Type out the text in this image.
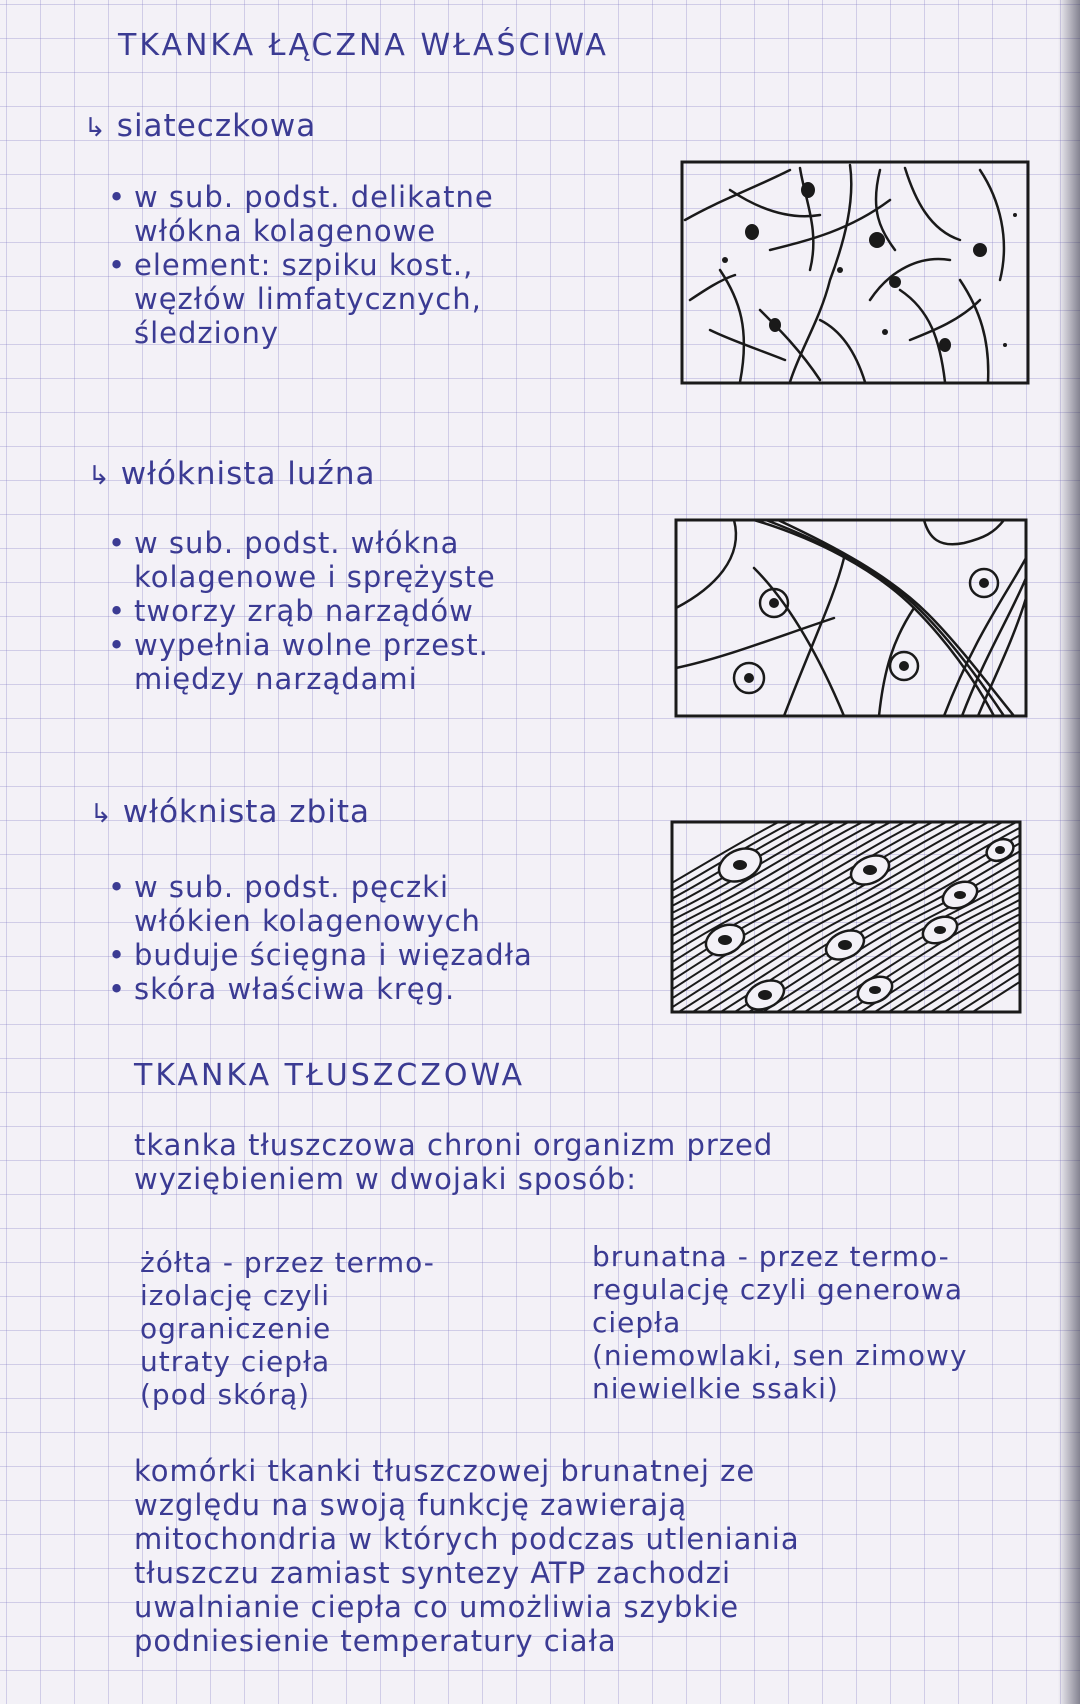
TKANKA ŁĄCZNA WŁAŚCIWA
↳ siateczkowa
• w sub. podst. delikatne
włókna kolagenowe
• element: szpiku kost.,
węzłów limfatycznych,
śledziony
↳ włóknista luźna
• w sub. podst. włókna
kolagenowe i sprężyste
• tworzy zrąb narządów
• wypełnia wolne przest.
między narządami
↳ włóknista zbita
• w sub. podst. pęczki
włókien kolagenowych
• buduje ścięgna i więzadła
• skóra właściwa kręg.
TKANKA TŁUSZCZOWA
tkanka tłuszczowa chroni organizm przed
wyziębieniem w dwojaki sposób:
żółta - przez termo-
izolację czyli
ograniczenie
utraty ciepła
(pod skórą)
brunatna - przez termo-
regulację czyli generowa
ciepła
(niemowlaki, sen zimowy
niewielkie ssaki)
komórki tkanki tłuszczowej brunatnej ze
względu na swoją funkcję zawierają
mitochondria w których podczas utleniania
tłuszczu zamiast syntezy ATP zachodzi
uwalnianie ciepła co umożliwia szybkie
podniesienie temperatury ciała
